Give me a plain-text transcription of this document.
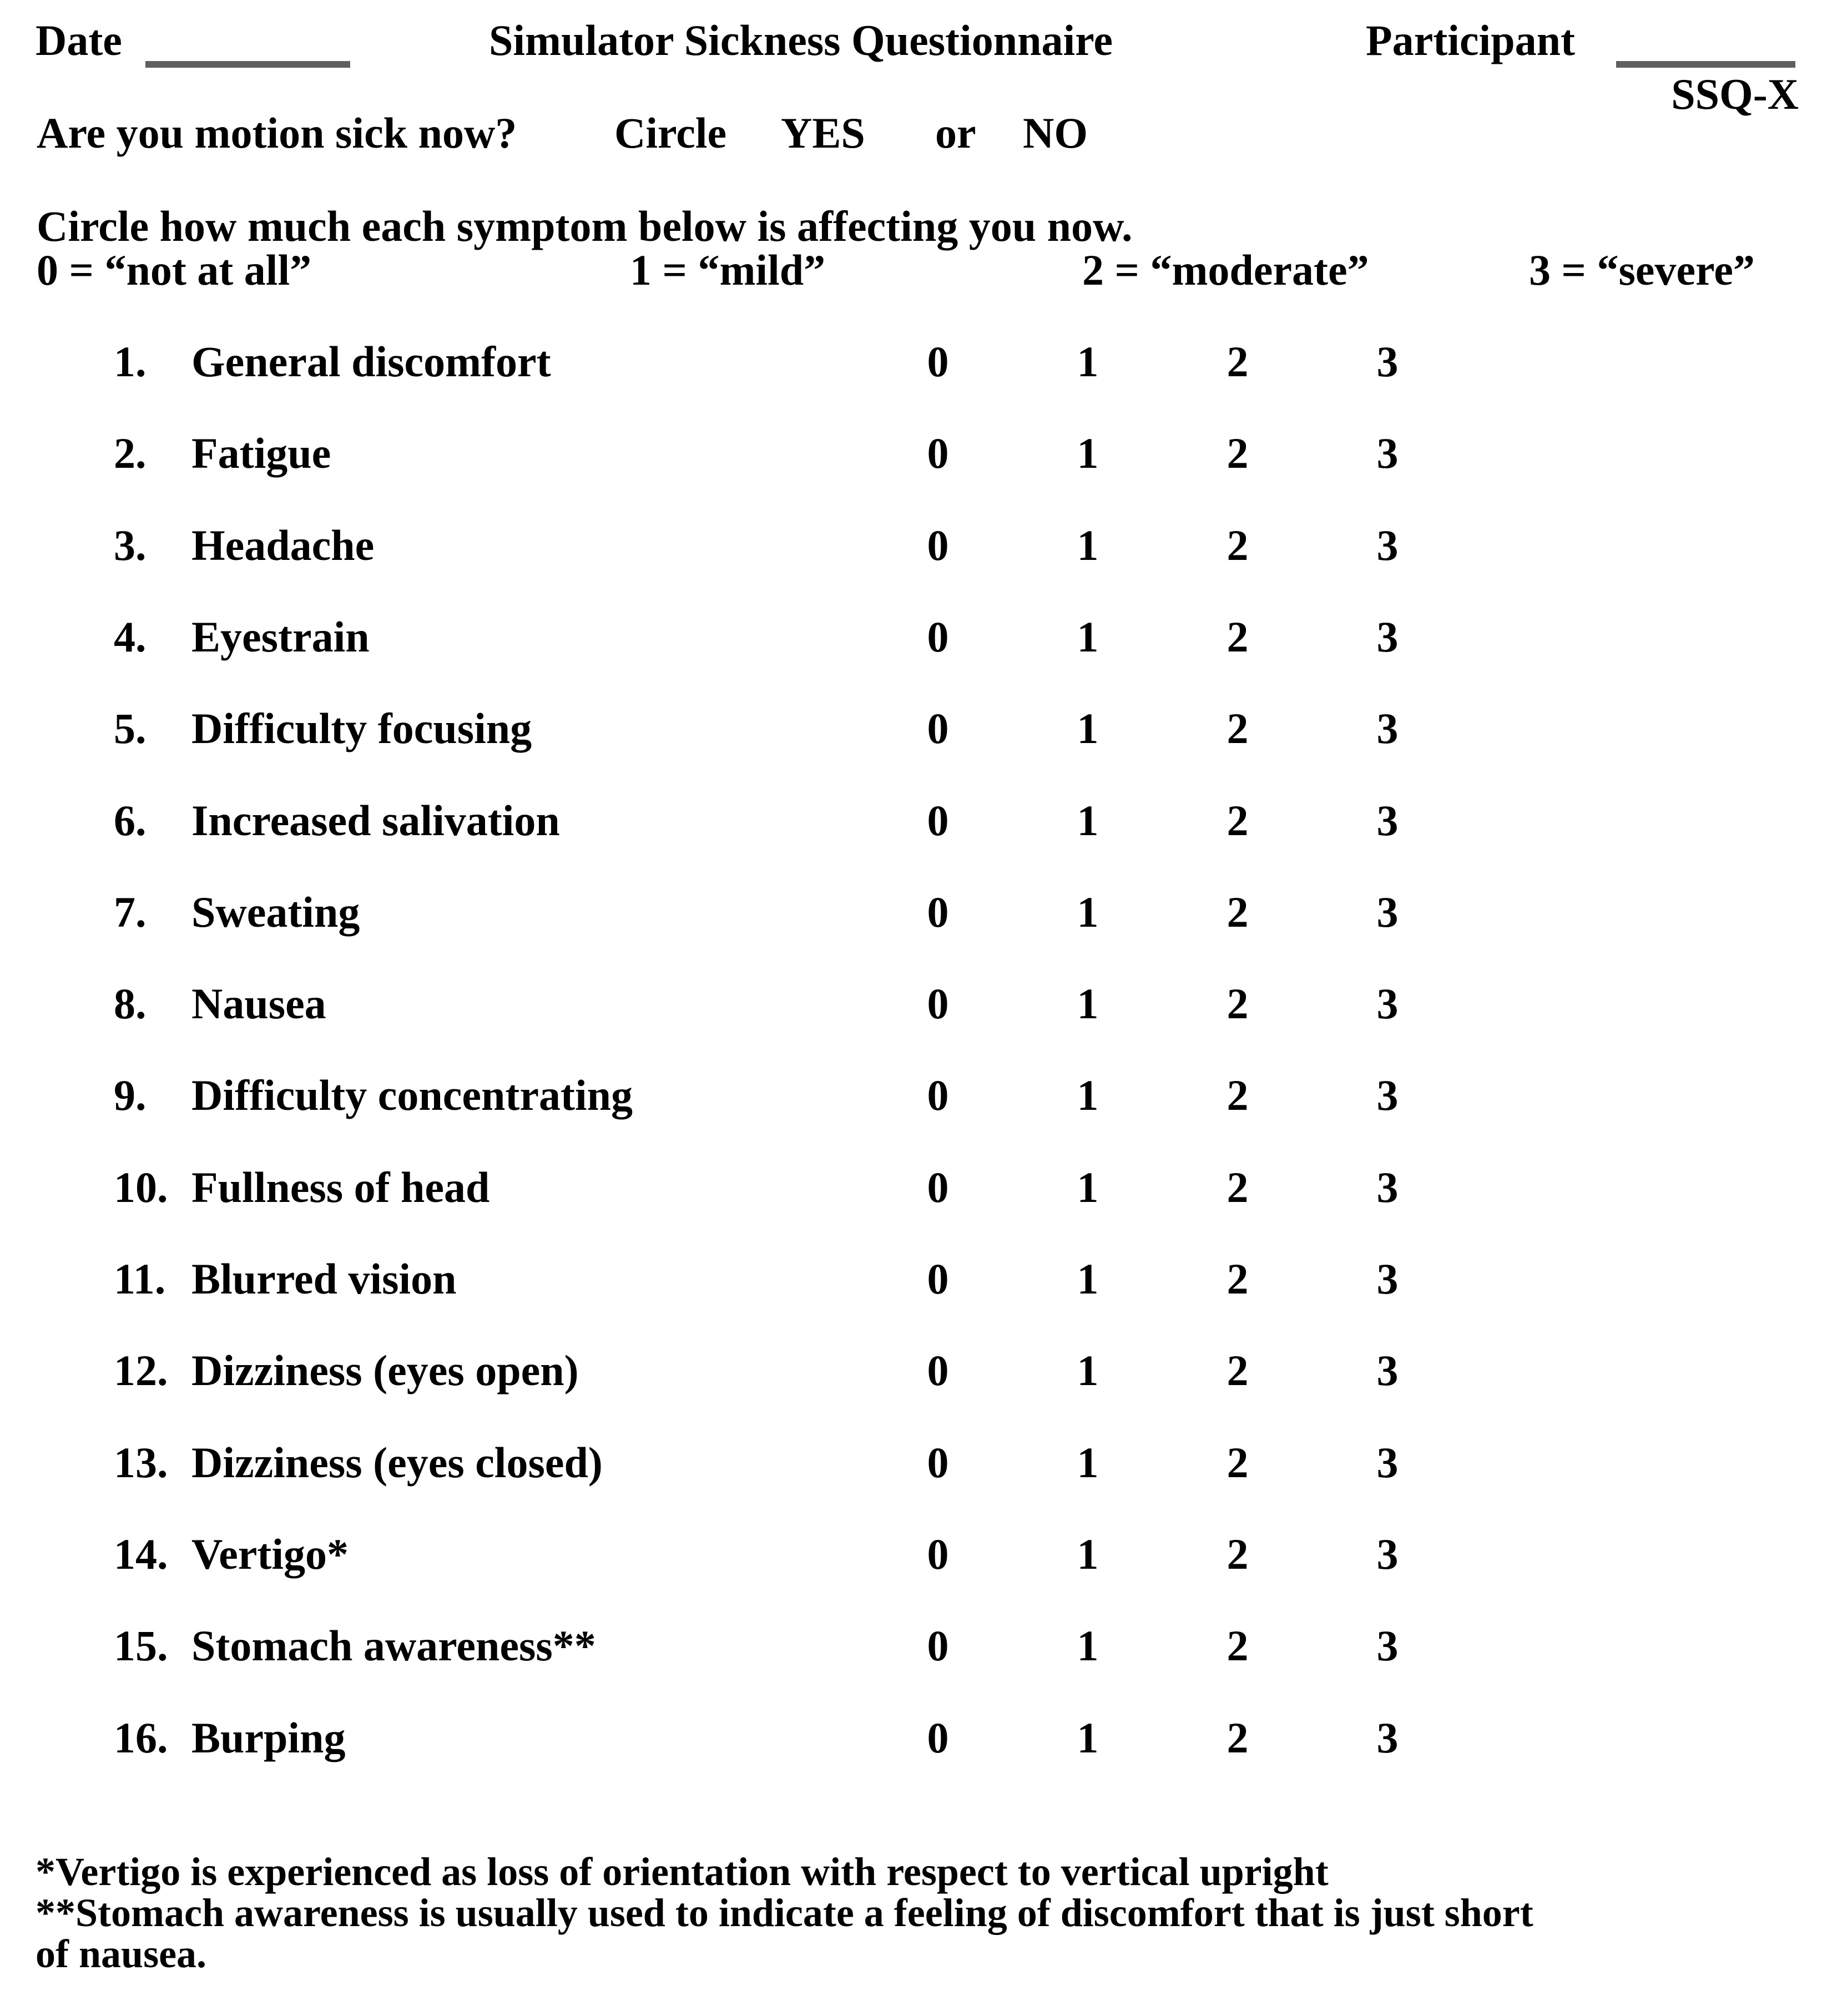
Date	Simulator Sickness Questionnaire	Participant
SSQ-X
Are you motion sick now? Circle YES or NO
Circle how much each symptom below is affecting you now.
0 = “not at all”	1 = “mild”	2 = “moderate”	3 = “severe”
1. General discomfort	0	1	2	3
2. Fatigue	0	1	2	3
3. Headache	0	1	2	3
4. Eyestrain	0	1	2	3
5. Difficulty focusing	0	1	2	3
6. Increased salivation	0	1	2	3
7. Sweating	0	1	2	3
8. Nausea	0	1	2	3
9. Difficulty concentrating	0	1	2	3
10. Fullness of head	0	1	2	3
11. Blurred vision	0	1	2	3
12. Dizziness (eyes open)	0	1	2	3
13. Dizziness (eyes closed)	0	1	2	3
14. Vertigo*	0	1	2	3
15. Stomach awareness**	0	1	2	3
16. Burping	0	1	2	3
*Vertigo is experienced as loss of orientation with respect to vertical upright
**Stomach awareness is usually used to indicate a feeling of discomfort that is just short
of nausea.
